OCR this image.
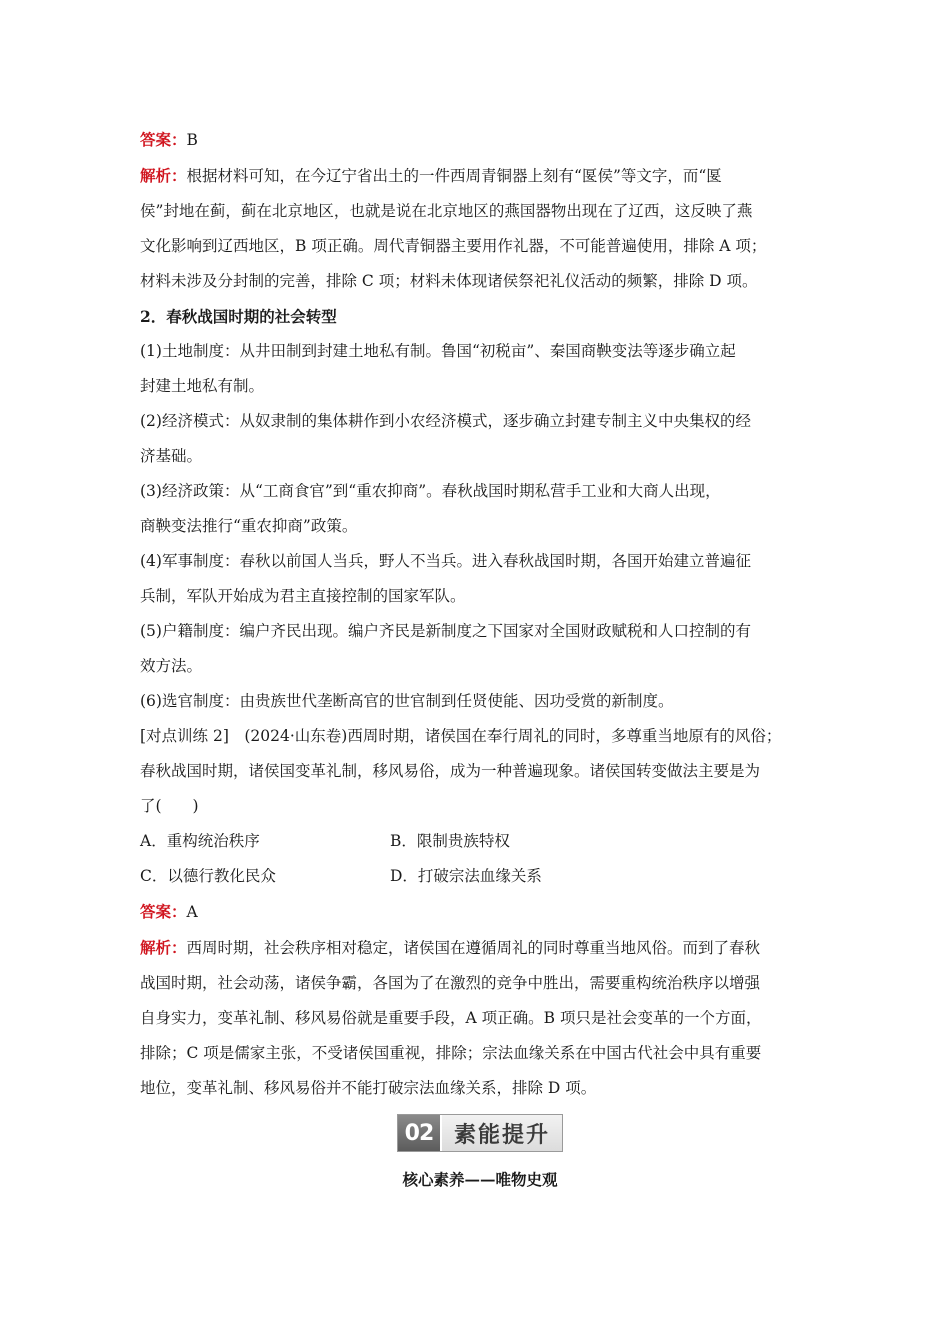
答案：B

解析：根据材料可知，在今辽宁省出土的一件西周青铜器上刻有“匽侯”等文字，而“匽

侯”封地在蓟，蓟在北京地区，也就是说在北京地区的燕国器物出现在了辽西，这反映了燕

文化影响到辽西地区，B 项正确。周代青铜器主要用作礼器，不可能普遍使用，排除 A 项；

材料未涉及分封制的完善，排除 C 项；材料未体现诸侯祭祀礼仪活动的频繁，排除 D 项。

2．春秋战国时期的社会转型

(1)土地制度：从井田制到封建土地私有制。鲁国“初税亩”、秦国商鞅变法等逐步确立起

封建土地私有制。

(2)经济模式：从奴隶制的集体耕作到小农经济模式，逐步确立封建专制主义中央集权的经

济基础。

(3)经济政策：从“工商食官”到“重农抑商”。春秋战国时期私营手工业和大商人出现，

商鞅变法推行“重农抑商”政策。

(4)军事制度：春秋以前国人当兵，野人不当兵。进入春秋战国时期，各国开始建立普遍征

兵制，军队开始成为君主直接控制的国家军队。

(5)户籍制度：编户齐民出现。编户齐民是新制度之下国家对全国财政赋税和人口控制的有

效方法。

(6)选官制度：由贵族世代垄断高官的世官制到任贤使能、因功受赏的新制度。

[对点训练 2]　(2024·山东卷)西周时期，诸侯国在奉行周礼的同时，多尊重当地原有的风俗；

春秋战国时期，诸侯国变革礼制，移风易俗，成为一种普遍现象。诸侯国转变做法主要是为

了(　　)

A．重构统治秩序	B．限制贵族特权
C．以德行教化民众	D．打破宗法血缘关系

答案：A

解析：西周时期，社会秩序相对稳定，诸侯国在遵循周礼的同时尊重当地风俗。而到了春秋

战国时期，社会动荡，诸侯争霸，各国为了在激烈的竞争中胜出，需要重构统治秩序以增强

自身实力，变革礼制、移风易俗就是重要手段，A 项正确。B 项只是社会变革的一个方面，

排除；C 项是儒家主张，不受诸侯国重视，排除；宗法血缘关系在中国古代社会中具有重要

地位，变革礼制、移风易俗并不能打破宗法血缘关系，排除 D 项。

02 素能提升
核心素养——唯物史观
